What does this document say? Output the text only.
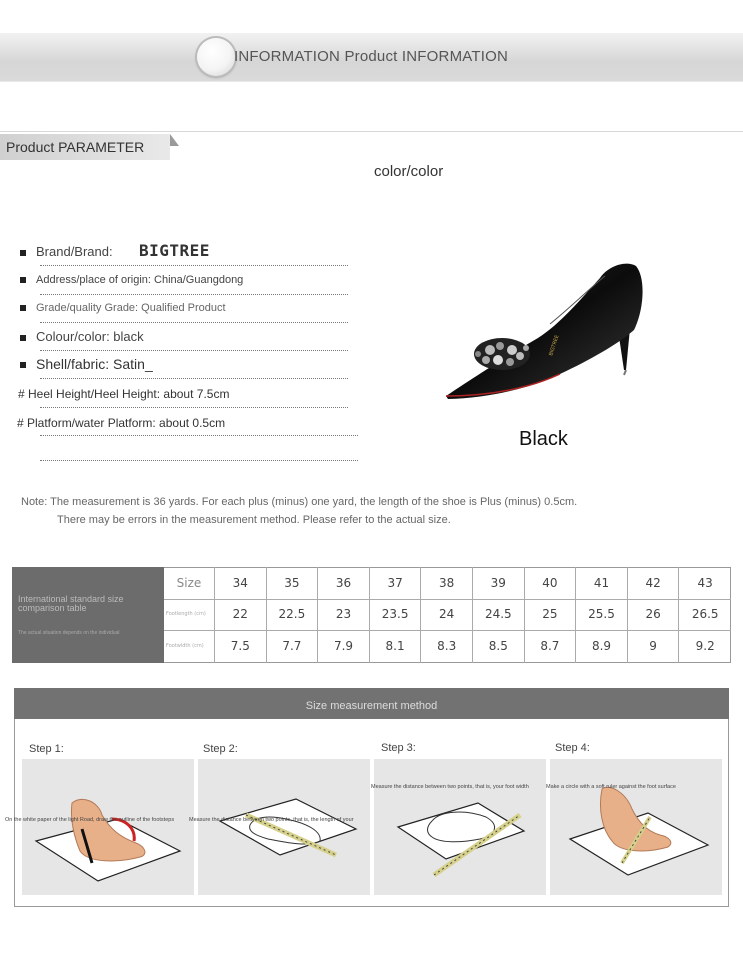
INFORMATION Product INFORMATION
Product PARAMETER
color/color
Brand/Brand: BIGTREE
Address/place of origin: China/Guangdong
Grade/quality Grade: Qualified Product
Colour/color: black
Shell/fabric: Satin_
# Heel Height/Heel Height: about 7.5cm
# Platform/water Platform: about 0.5cm
BIGTREE
Black
Note: The measurement is 36 yards. For each plus (minus) one yard, the length of the shoe is Plus (minus) 0.5cm.
There may be errors in the measurement method. Please refer to the actual size.
International standard size comparison table
The actual situation depends on the individual
Size	34	35	36	37	38	39	40	41	42	43
Footlength (cm)	22	22.5	23	23.5	24	24.5	25	25.5	26	26.5
Footwidth (cm)	7.5	7.7	7.9	8.1	8.3	8.5	8.7	8.9	9	9.2
Size measurement method
Step 1:	Step 2:	Step 3:	Step 4:
On the white paper of the light Road, draw the outline of the footsteps	Measure the distance between two points, that is, the length of your
Measure the distance between two points, that is, your foot width	Make a circle with a soft ruler against the foot surface
